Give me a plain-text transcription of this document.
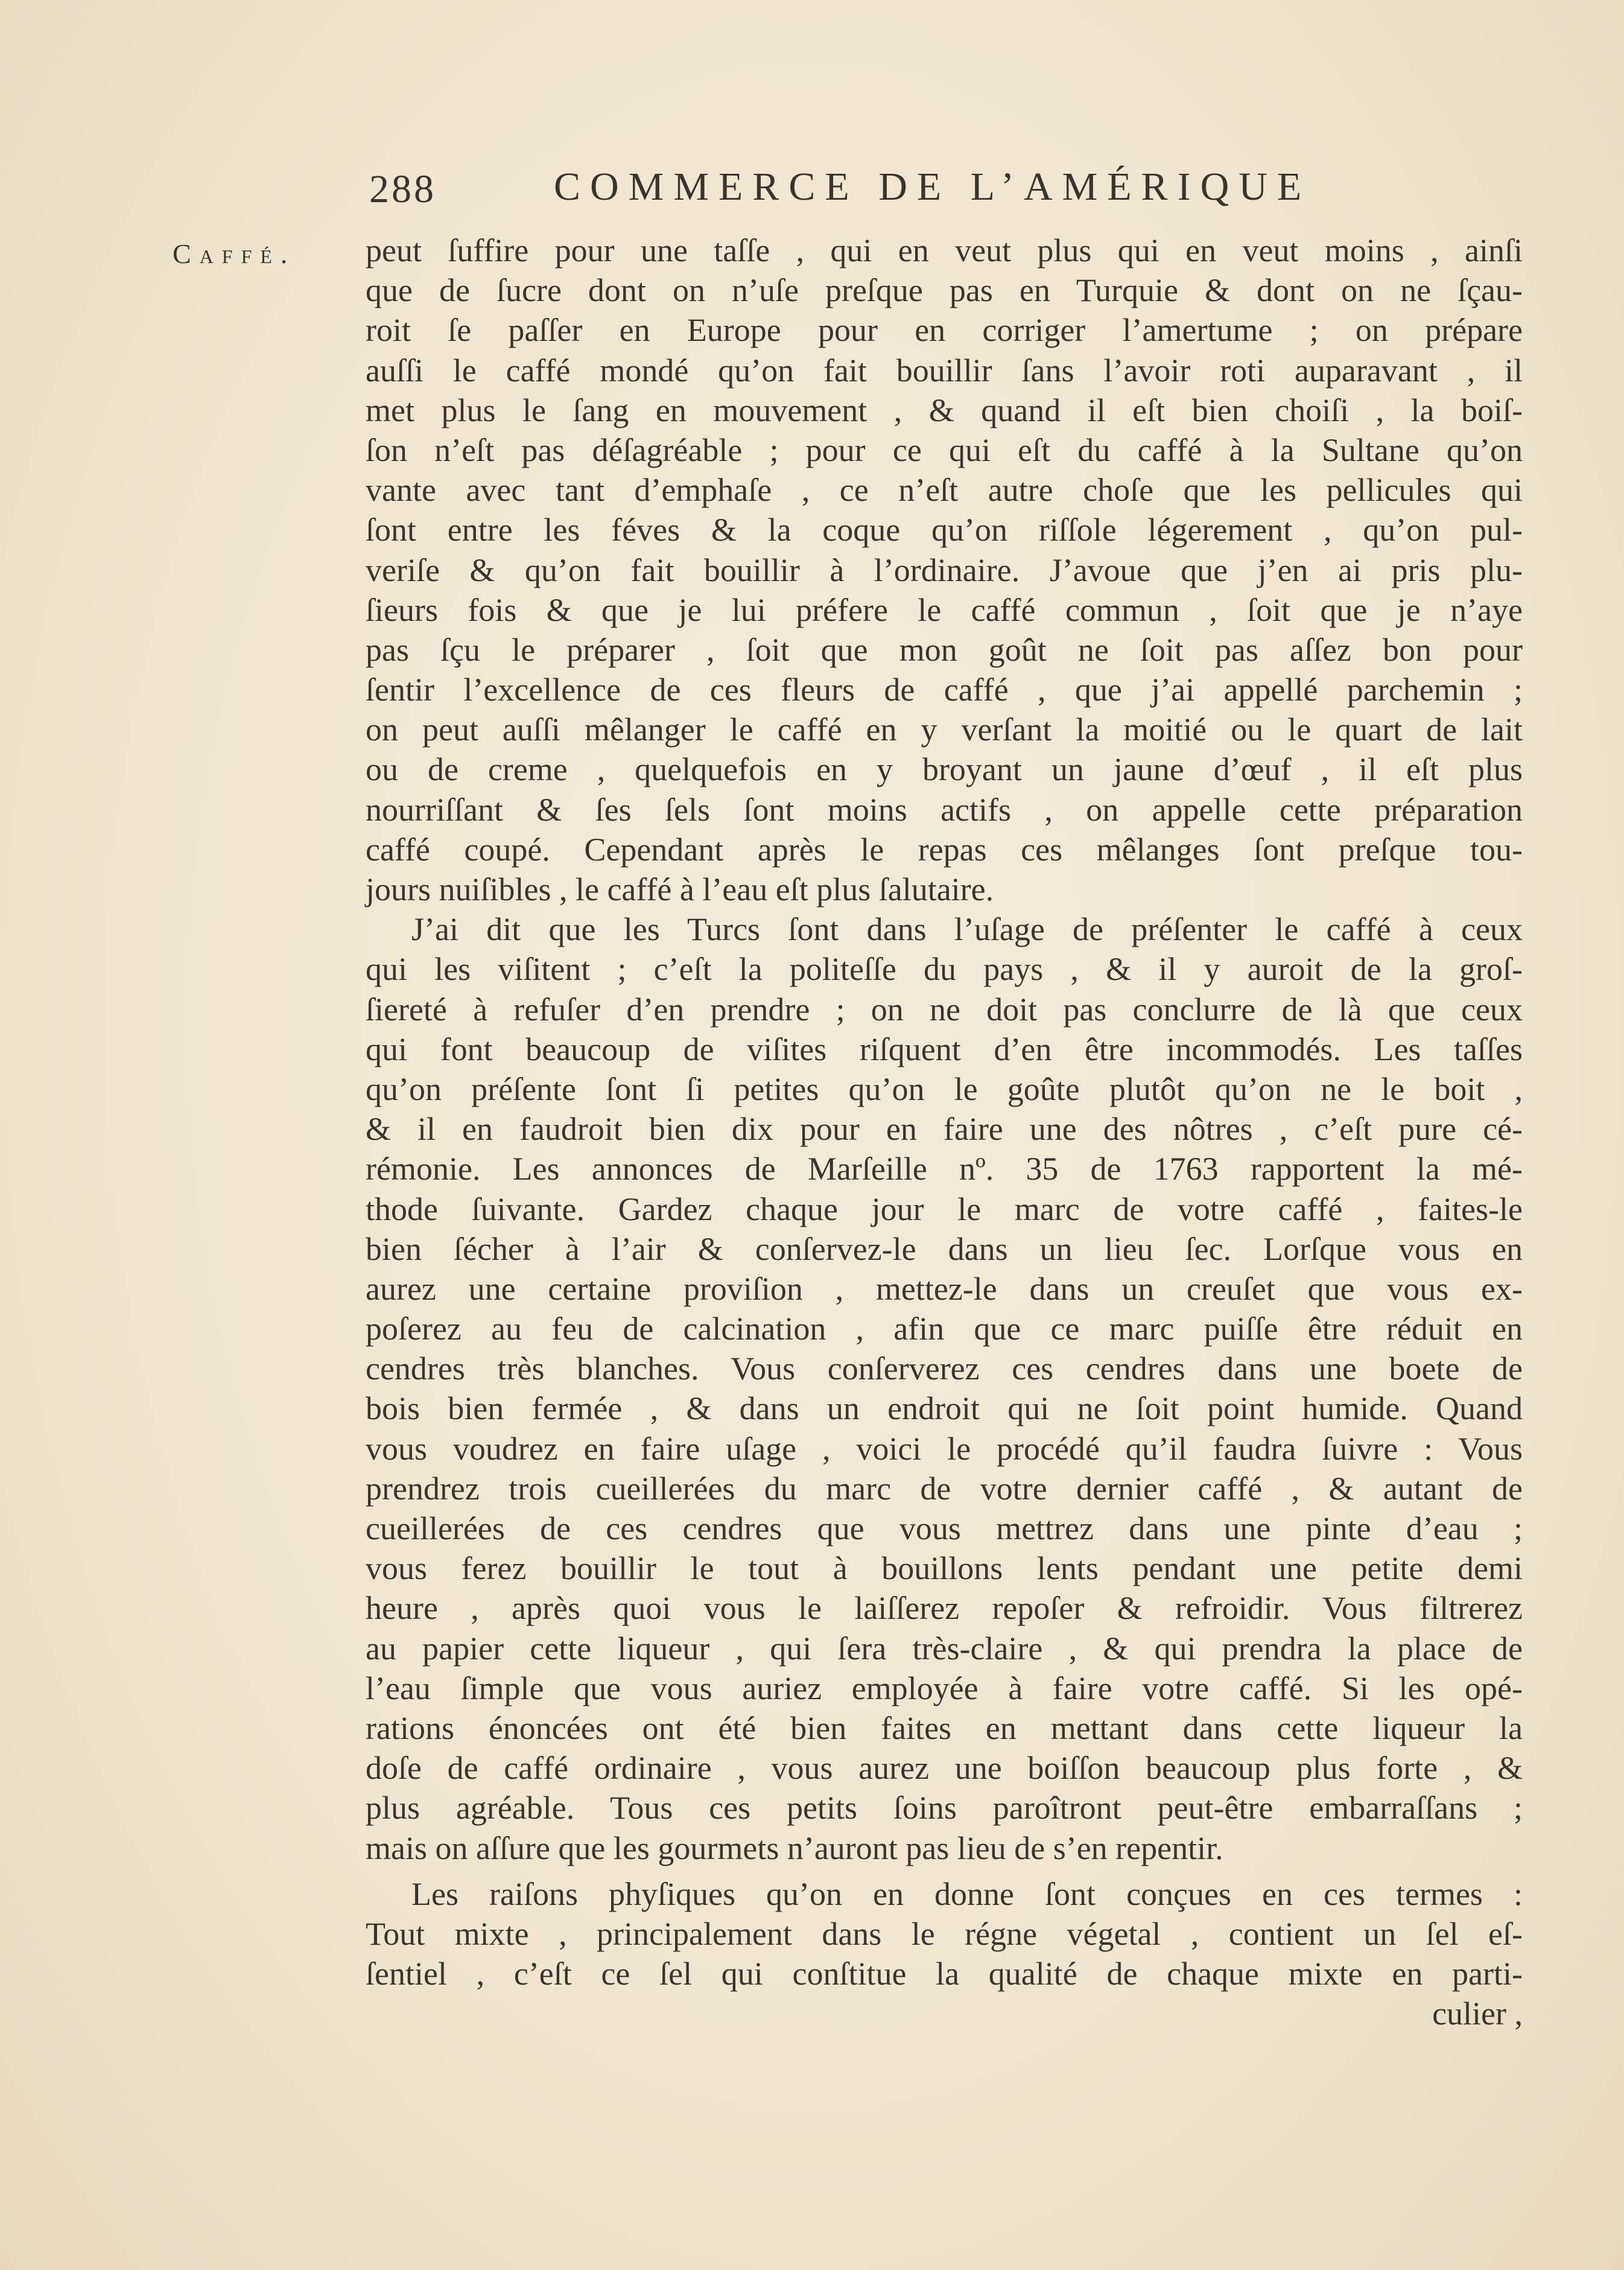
288	COMMERCE DE L’AMÉRIQUE
Caffé. peut ſuffire pour une taſſe , qui en veut plus qui en veut moins , ainſi
que de ſucre dont on n’uſe preſque pas en Turquie & dont on ne ſçau-
roit ſe paſſer en Europe pour en corriger l’amertume ; on prépare
auſſi le caffé mondé qu’on fait bouillir ſans l’avoir roti auparavant , il
met plus le ſang en mouvement , & quand il eſt bien choiſi , la boiſ-
ſon n’eſt pas déſagréable ; pour ce qui eſt du caffé à la Sultane qu’on
vante avec tant d’emphaſe , ce n’eſt autre choſe que les pellicules qui
ſont entre les féves & la coque qu’on riſſole légerement , qu’on pul-
veriſe & qu’on fait bouillir à l’ordinaire. J’avoue que j’en ai pris plu-
ſieurs fois & que je lui préfere le caffé commun , ſoit que je n’aye
pas ſçu le préparer , ſoit que mon goût ne ſoit pas aſſez bon pour
ſentir l’excellence de ces fleurs de caffé , que j’ai appellé parchemin ;
on peut auſſi mêlanger le caffé en y verſant la moitié ou le quart de lait
ou de creme , quelquefois en y broyant un jaune d’œuf , il eſt plus
nourriſſant & ſes ſels ſont moins actifs , on appelle cette préparation
caffé coupé. Cependant après le repas ces mêlanges ſont preſque tou-
jours nuiſibles , le caffé à l’eau eſt plus ſalutaire.
J’ai dit que les Turcs ſont dans l’uſage de préſenter le caffé à ceux
qui les viſitent ; c’eſt la politeſſe du pays , & il y auroit de la groſ-
ſiereté à refuſer d’en prendre ; on ne doit pas conclurre de là que ceux
qui font beaucoup de viſites riſquent d’en être incommodés. Les taſſes
qu’on préſente ſont ſi petites qu’on le goûte plutôt qu’on ne le boit ,
& il en faudroit bien dix pour en faire une des nôtres , c’eſt pure cé-
rémonie. Les annonces de Marſeille nº. 35 de 1763 rapportent la mé-
thode ſuivante. Gardez chaque jour le marc de votre caffé , faites-le
bien ſécher à l’air & conſervez-le dans un lieu ſec. Lorſque vous en
aurez une certaine proviſion , mettez-le dans un creuſet que vous ex-
poſerez au feu de calcination , afin que ce marc puiſſe être réduit en
cendres très blanches. Vous conſerverez ces cendres dans une boete de
bois bien fermée , & dans un endroit qui ne ſoit point humide. Quand
vous voudrez en faire uſage , voici le procédé qu’il faudra ſuivre : Vous
prendrez trois cueillerées du marc de votre dernier caffé , & autant de
cueillerées de ces cendres que vous mettrez dans une pinte d’eau ;
vous ferez bouillir le tout à bouillons lents pendant une petite demi
heure , après quoi vous le laiſſerez repoſer & refroidir. Vous filtrerez
au papier cette liqueur , qui ſera très-claire , & qui prendra la place de
l’eau ſimple que vous auriez employée à faire votre caffé. Si les opé-
rations énoncées ont été bien faites en mettant dans cette liqueur la
doſe de caffé ordinaire , vous aurez une boiſſon beaucoup plus forte , &
plus agréable. Tous ces petits ſoins paroîtront peut-être embarraſſans ;
mais on aſſure que les gourmets n’auront pas lieu de s’en repentir.
Les raiſons phyſiques qu’on en donne ſont conçues en ces termes :
Tout mixte , principalement dans le régne végetal , contient un ſel eſ-
ſentiel , c’eſt ce ſel qui conſtitue la qualité de chaque mixte en parti-
culier ,
